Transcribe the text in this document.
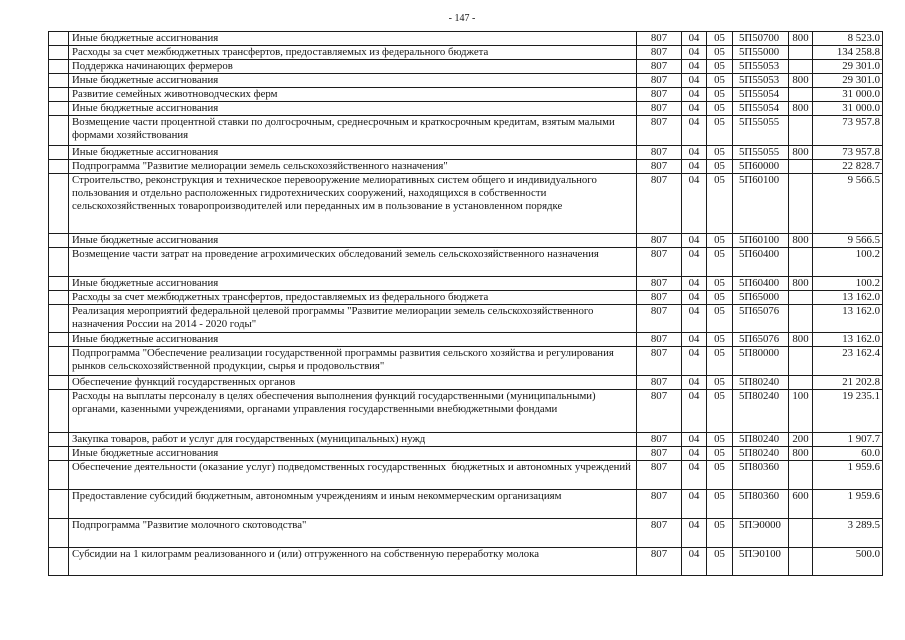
- 147 -
	Иные бюджетные ассигнования	807	04	05	5П50700	800	8 523.0
	Расходы за счет межбюджетных трансфертов, предоставляемых из федерального бюджета	807	04	05	5П55000		134 258.8
	Поддержка начинающих фермеров	807	04	05	5П55053		29 301.0
	Иные бюджетные ассигнования	807	04	05	5П55053	800	29 301.0
	Развитие семейных животноводческих ферм	807	04	05	5П55054		31 000.0
	Иные бюджетные ассигнования	807	04	05	5П55054	800	31 000.0
	Возмещение части процентной ставки по долгосрочным, среднесрочным и краткосрочным кредитам, взятым малыми формами хозяйствования	807	04	05	5П55055		73 957.8
	Иные бюджетные ассигнования	807	04	05	5П55055	800	73 957.8
	Подпрограмма "Развитие мелиорации земель сельскохозяйственного назначения"	807	04	05	5П60000		22 828.7
	Строительство, реконструкция и техническое перевооружение мелиоративных систем общего и индивидуального пользования и отдельно расположенных гидротехнических сооружений, находящихся в собственности сельскохозяйственных товаропроизводителей или переданных им в пользование в установленном порядке	807	04	05	5П60100		9 566.5
	Иные бюджетные ассигнования	807	04	05	5П60100	800	9 566.5
	Возмещение части затрат на проведение агрохимических обследований земель сельскохозяйственного назначения	807	04	05	5П60400		100.2
	Иные бюджетные ассигнования	807	04	05	5П60400	800	100.2
	Расходы за счет межбюджетных трансфертов, предоставляемых из федерального бюджета	807	04	05	5П65000		13 162.0
	Реализация мероприятий федеральной целевой программы "Развитие мелиорации земель сельскохозяйственного назначения России на 2014 - 2020 годы"	807	04	05	5П65076		13 162.0
	Иные бюджетные ассигнования	807	04	05	5П65076	800	13 162.0
	Подпрограмма "Обеспечение реализации государственной программы развития сельского хозяйства и регулирования рынков сельскохозяйственной продукции, сырья и продовольствия"	807	04	05	5П80000		23 162.4
	Обеспечение функций государственных органов	807	04	05	5П80240		21 202.8
	Расходы на выплаты персоналу в целях обеспечения выполнения функций государственными (муниципальными) органами, казенными учреждениями, органами управления государственными внебюджетными фондами	807	04	05	5П80240	100	19 235.1
	Закупка товаров, работ и услуг для государственных (муниципальных) нужд	807	04	05	5П80240	200	1 907.7
	Иные бюджетные ассигнования	807	04	05	5П80240	800	60.0
	Обеспечение деятельности (оказание услуг) подведомственных государственных  бюджетных и автономных учреждений	807	04	05	5П80360		1 959.6
	Предоставление субсидий бюджетным, автономным учреждениям и иным некоммерческим организациям	807	04	05	5П80360	600	1 959.6
	Подпрограмма "Развитие молочного скотоводства"	807	04	05	5ПЭ0000		3 289.5
	Субсидии на 1 килограмм реализованного и (или) отгруженного на собственную переработку молока	807	04	05	5ПЭ0100		500.0
